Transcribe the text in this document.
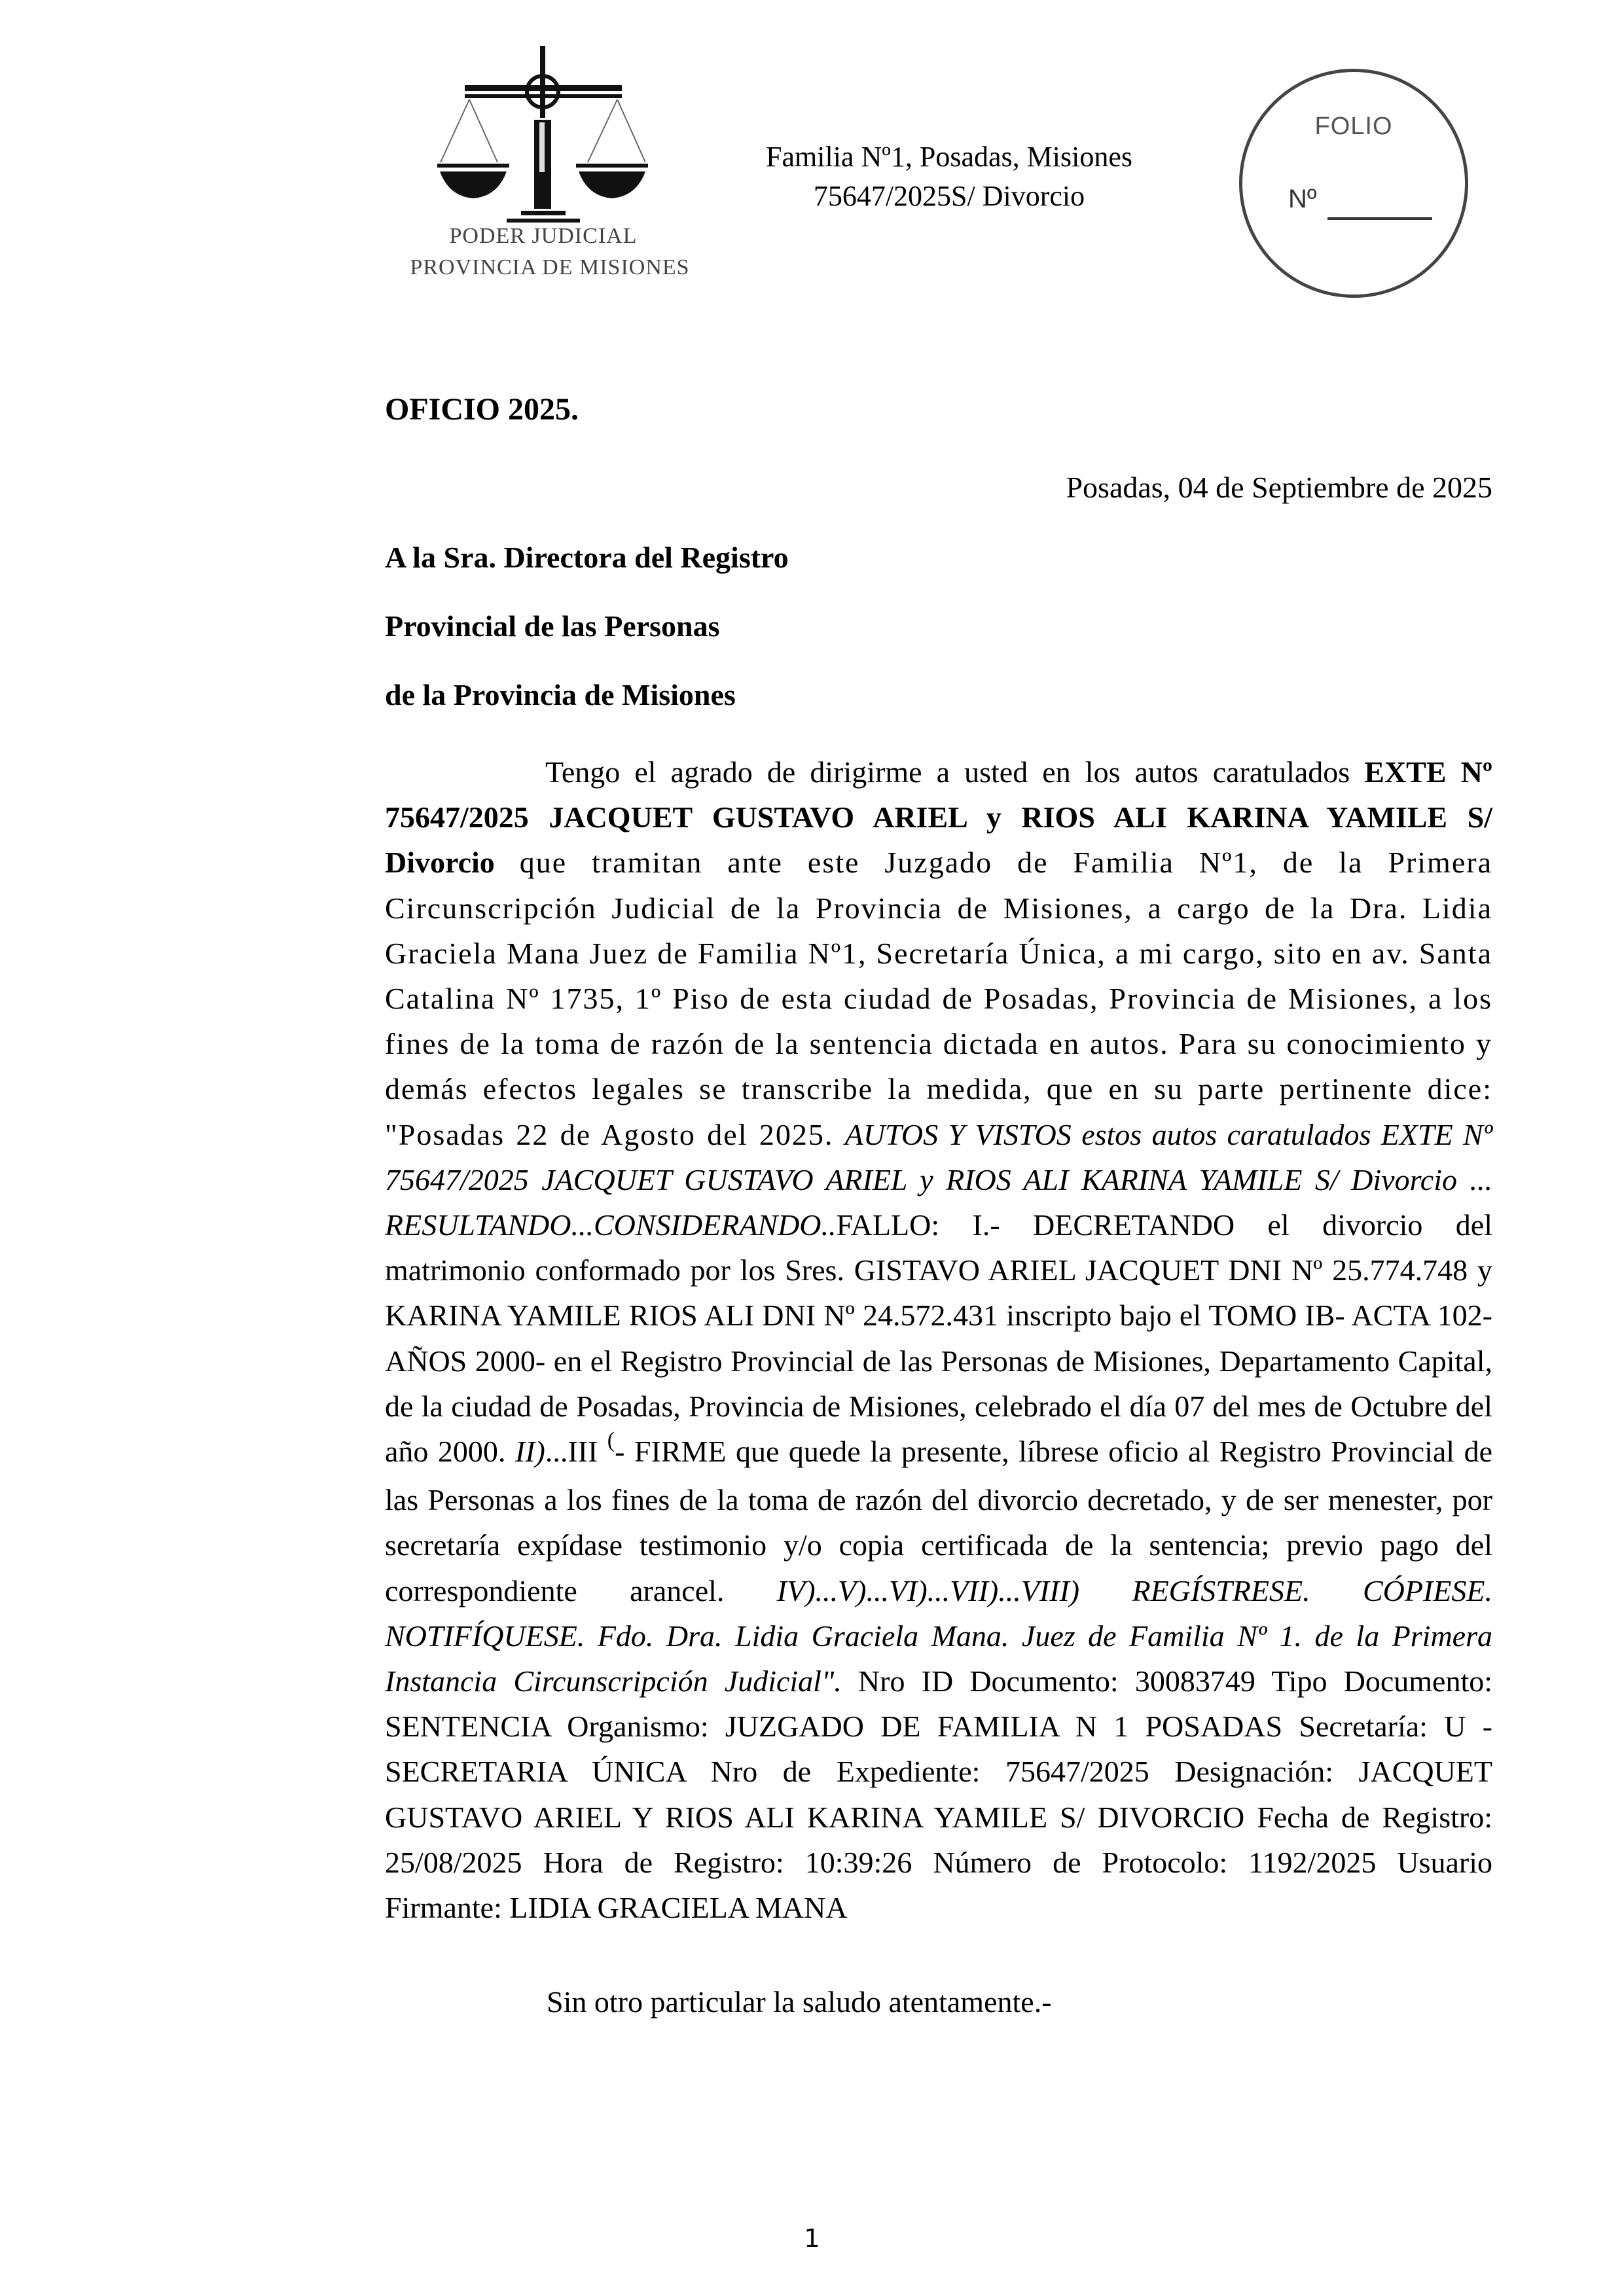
PODER JUDICIAL
PROVINCIA DE MISIONES
Familia Nº1, Posadas, Misiones
75647/2025S/ Divorcio
FOLIO
Nº
OFICIO 2025.
Posadas, 04 de Septiembre de 2025
A la Sra. Directora del Registro
Provincial de las Personas
de la Provincia de Misiones
Tengo el agrado de dirigirme a usted en los autos caratulados EXTE Nº 75647/2025 JACQUET GUSTAVO ARIEL y RIOS ALI KARINA YAMILE S/ Divorcio que tramitan ante este Juzgado de Familia Nº1, de la Primera Circunscripción Judicial de la Provincia de Misiones, a cargo de la Dra. Lidia Graciela Mana Juez de Familia Nº1, Secretaría Única, a mi cargo, sito en av. Santa Catalina Nº 1735, 1º Piso de esta ciudad de Posadas, Provincia de Misiones, a los fines de la toma de razón de la sentencia dictada en autos. Para su conocimiento y demás efectos legales se transcribe la medida, que en su parte pertinente dice: "Posadas 22 de Agosto del 2025. AUTOS Y VISTOS estos autos caratulados EXTE Nº 75647/2025 JACQUET GUSTAVO ARIEL y RIOS ALI KARINA YAMILE S/ Divorcio ... RESULTANDO...CONSIDERANDO..FALLO: I.- DECRETANDO el divorcio del matrimonio conformado por los Sres. GISTAVO ARIEL JACQUET DNI Nº 25.774.748 y KARINA YAMILE RIOS ALI DNI Nº 24.572.431 inscripto bajo el TOMO IB- ACTA 102- AÑOS 2000- en el Registro Provincial de las Personas de Misiones, Departamento Capital, de la ciudad de Posadas, Provincia de Misiones, celebrado el día 07 del mes de Octubre del año 2000. II)...III (- FIRME que quede la presente, líbrese oficio al Registro Provincial de las Personas a los fines de la toma de razón del divorcio decretado, y de ser menester, por secretaría expídase testimonio y/o copia certificada de la sentencia; previo pago del correspondiente arancel. IV)...V)...VI)...VII)...VIII) REGÍSTRESE. CÓPIESE. NOTIFÍQUESE. Fdo. Dra. Lidia Graciela Mana. Juez de Familia Nº 1. de la Primera Instancia Circunscripción Judicial". Nro ID Documento: 30083749 Tipo Documento: SENTENCIA Organismo: JUZGADO DE FAMILIA N 1 POSADAS Secretaría: U - SECRETARIA ÚNICA Nro de Expediente: 75647/2025 Designación: JACQUET GUSTAVO ARIEL Y RIOS ALI KARINA YAMILE S/ DIVORCIO Fecha de Registro: 25/08/2025 Hora de Registro: 10:39:26 Número de Protocolo: 1192/2025 Usuario Firmante: LIDIA GRACIELA MANA
Sin otro particular la saludo atentamente.-
1
